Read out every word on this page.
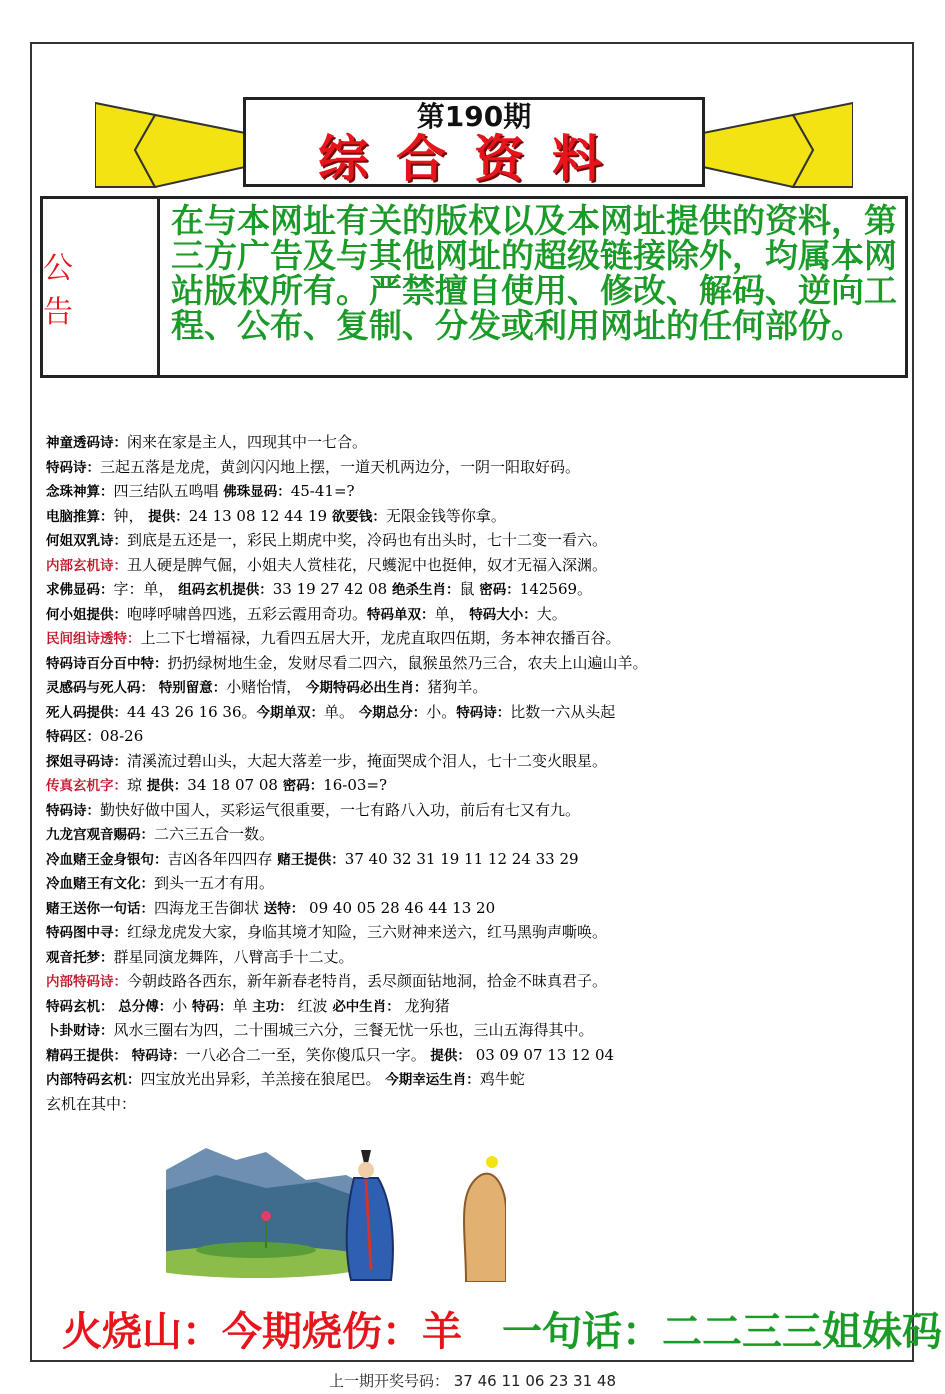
第190期
综合资料
公告
在与本网址有关的版权以及本网址提供的资料，第三方广告及与其他网址的超级链接除外，均属本网站版权所有。严禁擅自使用、修改、解码、逆向工程、公布、复制、分发或利用网址的任何部份。
神童透码诗：闲来在家是主人，四现其中一七合。
特码诗：三起五落是龙虎，黄剑闪闪地上摆，一道天机两边分，一阴一阳取好码。
念珠神算：四三结队五鸣唱 佛珠显码：45-41=?
电脑推算：钟， 提供：24 13 08 12 44 19 欲要钱：无限金钱等你拿。
何姐双乳诗：到底是五还是一，彩民上期虎中奖，冷码也有出头时，七十二变一看六。
内部玄机诗：丑人硬是脾气倔，小姐夫人赏桂花，尺蠖泥中也挺伸，奴才无福入深渊。
求佛显码：字：单， 组码玄机提供：33 19 27 42 08 绝杀生肖：鼠 密码：142569。
何小姐提供：咆哮呼啸兽四逃，五彩云霞用奇功。特码单双：单， 特码大小：大。
民间组诗透特：上二下七增福禄，九看四五居大开，龙虎直取四伍期，务本神农播百谷。
特码诗百分百中特：扔扔绿树地生金，发财尽看二四六，鼠猴虽然乃三合，农夫上山遍山羊。
灵感码与死人码： 特别留意：小赌怡情， 今期特码必出生肖：猪狗羊。
死人码提供：44 43 26 16 36。今期单双：单。 今期总分：小。特码诗：比数一六从头起
特码区：08-26
探姐寻码诗：清溪流过碧山头，大起大落差一步，掩面哭成个泪人，七十二变火眼星。
传真玄机字：琼 提供：34 18 07 08 密码：16-03=?
特码诗：勤快好做中国人，买彩运气很重要，一七有路八入功，前后有七又有九。
九龙宫观音赐码：二六三五合一数。
冷血赌王金身银句：吉凶各年四四存 赌王提供：37 40 32 31 19 11 12 24 33 29
冷血赌王有文化：到头一五才有用。
赌王送你一句话：四海龙王告御状 送特： 09 40 05 28 46 44 13 20
特码图中寻：红绿龙虎发大家，身临其境才知险，三六财神来送六，红马黑驹声嘶唤。
观音托梦：群星同演龙舞阵，八臂高手十二丈。
内部特码诗：今朝歧路各西东，新年新春老特肖，丢尽颜面钻地洞，拾金不昧真君子。
特码玄机： 总分傅：小 特码：单 主功： 红波 必中生肖： 龙狗猪
卜卦财诗：风水三圈右为四，二十围城三六分，三餐无忧一乐也，三山五海得其中。
精码王提供： 特码诗：一八必合二一至，笑你傻瓜只一字。 提供： 03 09 07 13 12 04
内部特码玄机：四宝放光出异彩，羊羔接在狼尾巴。 今期幸运生肖：鸡牛蛇
玄机在其中：
火烧山：今期烧伤：羊 一句话：二二三三姐妹码
上一期开奖号码： 37 46 11 06 23 31 48
